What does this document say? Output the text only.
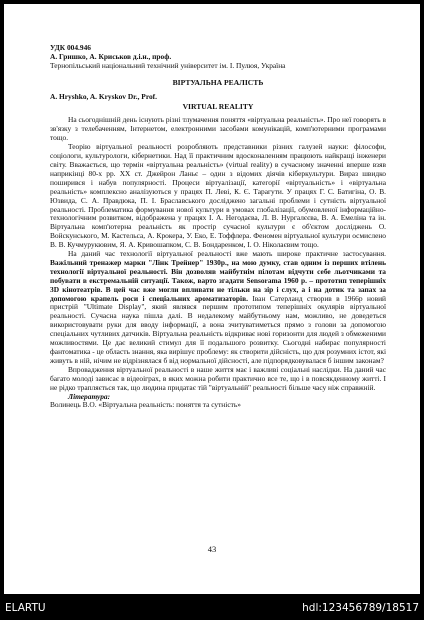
УДК 004.946

А. Гришко, А. Криськов д.і.н., проф.

Тернопільський національний технічний університет ім. І. Пулюя, Україна

ВІРТУАЛЬНА РЕАЛІСТЬ

A. Hryshko, A. Kryskov Dr., Prof.

VIRTUAL REALITY

На сьогоднішній день існують різні тлумачення поняття «віртуальна реальність». Про неї говорять в зв'язку з телебаченням, Інтернетом, електронними засобами комунікацій, комп'ютерними програмами тощо.

Теорію віртуальної реальності розробляють представники різних галузей науки: філософи, соціологи, культурологи, кібернетики. Над її практичним вдосконаленням працюють найкращі інженери світу. Вважається, що термін «віртуальна реальність» (virtual reality) в сучасному значенні вперше взяв наприкінці 80-х рр. XX ст. Джейрон Ланьє – один з відомих діячів кіберкультури. Вираз швидко поширився і набув популярності. Процеси віртуалізації, категорії «віртуальність» і «віртуальна реальність» комплексно аналізуються у працях П. Леві, К. Є. Тарагути. У працях Г. С. Батигіна, О. В. Юзвида, С. А. Правдюка, П. І. Браславського досліджено загальні проблеми і сутність віртуальної реальності. Проблематика формування нової культури в умовах глобалізації, обумовленої інформаційно-технологічним розвитком, відображена у працях І. А. Негодаєва, Л. В. Нургалєєва, В. А. Емеліна та ін. Віртуальна комп'ютерна реальність як простір сучасної культури є об'єктом досліджень О. Войскунського, М. Кастельса, А. Крокера, У. Еко, Е. Тоффлера. Феномен віртуальної культури осмислено В. В. Кучмурукювим, Я. А. Кривошапком, С. В. Бондаренком, І. О. Ніколаєвим тощо.

На даний час технології віртуальної реальності вже мають широке практичне застосування. Важільний тренажер марки "Лінк Трейнер" 1930р., на мою думку, став одним із перших втілень технології віртуальної реальності. Він дозволяв майбутнім пілотам відчути себе льотчиками та побувати в екстремальній ситуації. Також, варто згадати Sensorama 1960 р. – прототип теперішніх 3D кінотеатрів. В цей час вже могли впливати не тільки на зір і слух, а і на дотик та запах за допомогою крапель роси і спеціальних ароматизаторів. Іван Сатерланд створив в 1966р новий пристрій "Ultimate Display", який являвся першим прототипом теперішніх окулярів віртуальної реальності. Сучасна наука пішла далі. В недалекому майбутньому нам, можливо, не доведеться використовувати руки для вводу інформації, а вона зчитуватиметься прямо з голови за допомогою спеціальних чутливих датчиків. Віртуальна реальність відкриває нові горизонти для людей з обмеженими можливостями. Це дає великий стимул для її подальшого розвитку. Сьогодні набирає популярності фантоматика - це область знання, яка вирішує проблему: як створити дійсність, що для розумних істот, які живуть в ній, нічим не відрізнялася б від нормальної дійсності, але підпорядковувалася б іншим законам?

Впровадження віртуальної реальності в наше життя має і важливі соціальні наслідки. На даний час багато молоді зависає в відеоіграх, в яких можна робити практично все те, що і в повсякденному житті. І не рідко трапляється так, що людина придатає тій "віртуальній" реальності більше часу ніж справжній.

Література:

Волинець В.О. «Віртуальна реальність: поняття та сутність»

43
ELARTU	hdl:123456789/18517
